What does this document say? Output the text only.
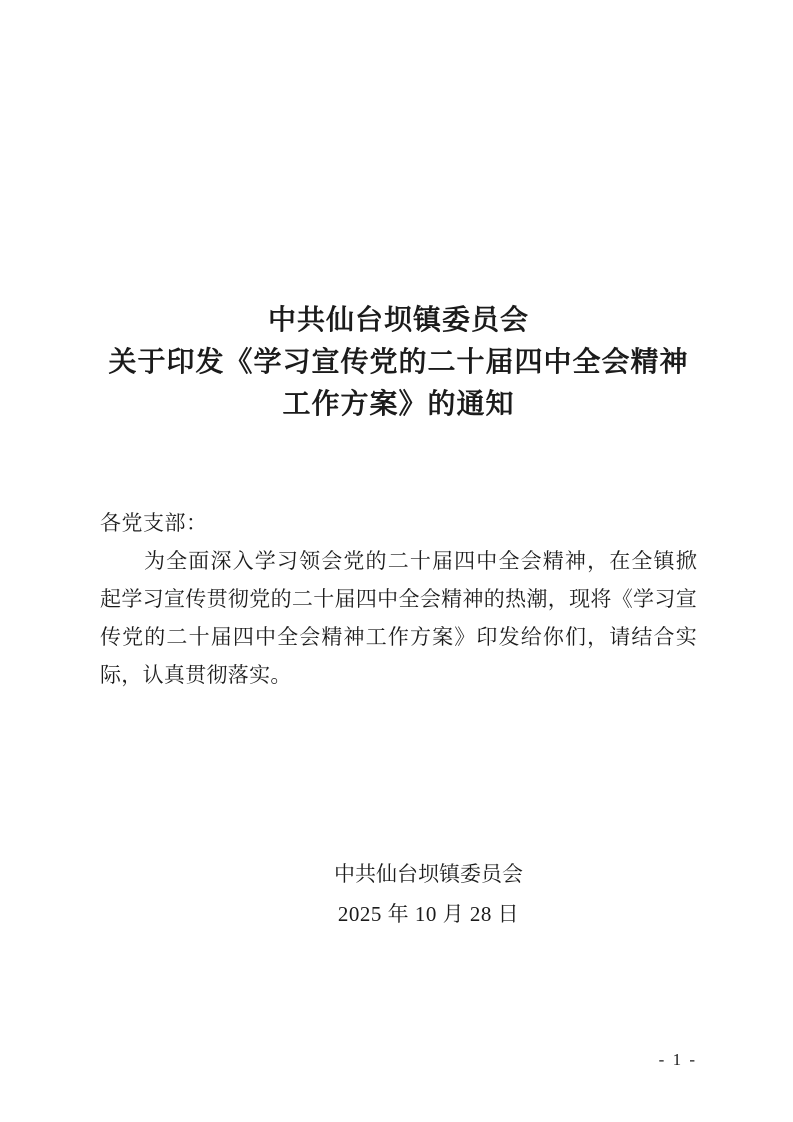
中共仙台坝镇委员会
关于印发《学习宣传党的二十届四中全会精神
工作方案》的通知
各党支部：

为全面深入学习领会党的二十届四中全会精神，在全镇掀起学习宣传贯彻党的二十届四中全会精神的热潮，现将《学习宣传党的二十届四中全会精神工作方案》印发给你们，请结合实际，认真贯彻落实。

中共仙台坝镇委员会
2025 年 10 月 28 日
- 1 -
